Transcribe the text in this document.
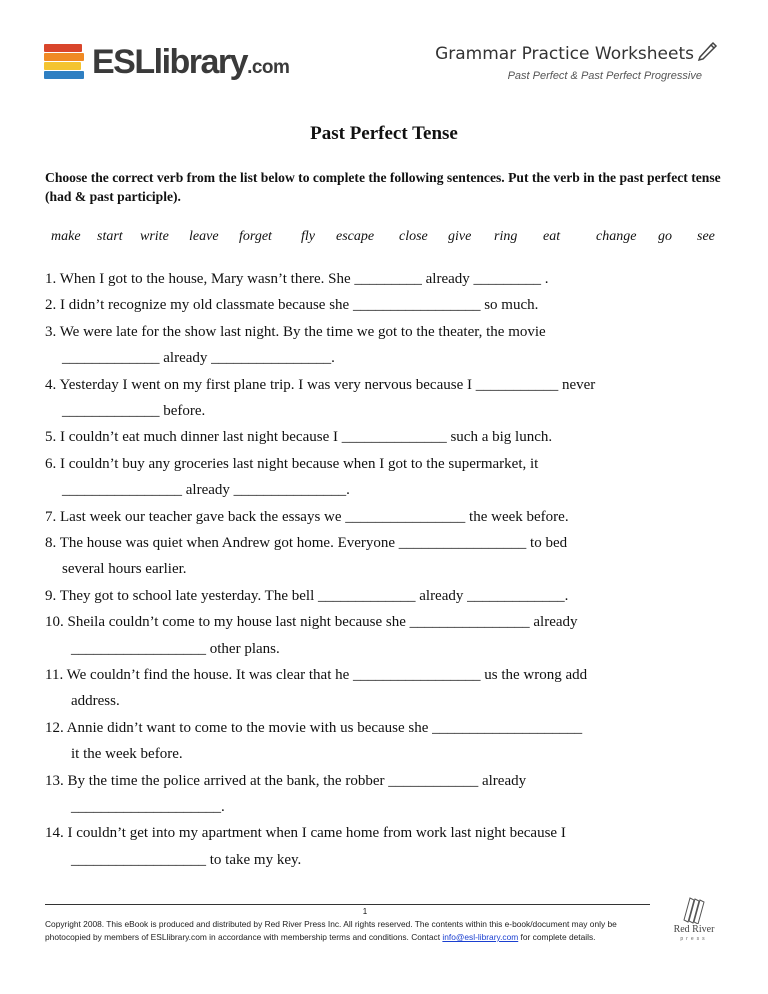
ESLlibrary.com
Grammar Practice Worksheets
Past Perfect & Past Perfect Progressive
Past Perfect Tense
Choose the correct verb from the list below to complete the following sentences. Put the verb in the past perfect tense (had & past participle).
make start write leave forget fly escape close give ring eat	change go see
1. When I got to the house, Mary wasn’t there. She _________ already _________ .
2. I didn’t recognize my old classmate because she _________________ so much.
3. We were late for the show last night. By the time we got to the theater, the movie
_____________ already ________________.
4. Yesterday I went on my first plane trip. I was very nervous because I ___________ never
_____________ before.
5. I couldn’t eat much dinner last night because I ______________ such a big lunch.
6. I couldn’t buy any groceries last night because when I got to the supermarket, it
________________ already _______________.
7. Last week our teacher gave back the essays we ________________ the week before.
8. The house was quiet when Andrew got home. Everyone _________________ to bed
several hours earlier.
9. They got to school late yesterday. The bell _____________ already _____________.
10. Sheila couldn’t come to my house last night because she ________________ already
__________________ other plans.
11. We couldn’t find the house. It was clear that he _________________ us the wrong add
address.
12. Annie didn’t want to come to the movie with us because she ____________________
it the week before.
13. By the time the police arrived at the bank, the robber ____________ already
____________________.
14. I couldn’t get into my apartment when I came home from work last night because I
__________________ to take my key.
1
Copyright 2008. This eBook is produced and distributed by Red River Press Inc. All rights reserved. The contents within this e-book/document may only be
photocopied by members of ESLlibrary.com in accordance with membership terms and conditions. Contact info@esl-library.com for complete details.
Red River
press
